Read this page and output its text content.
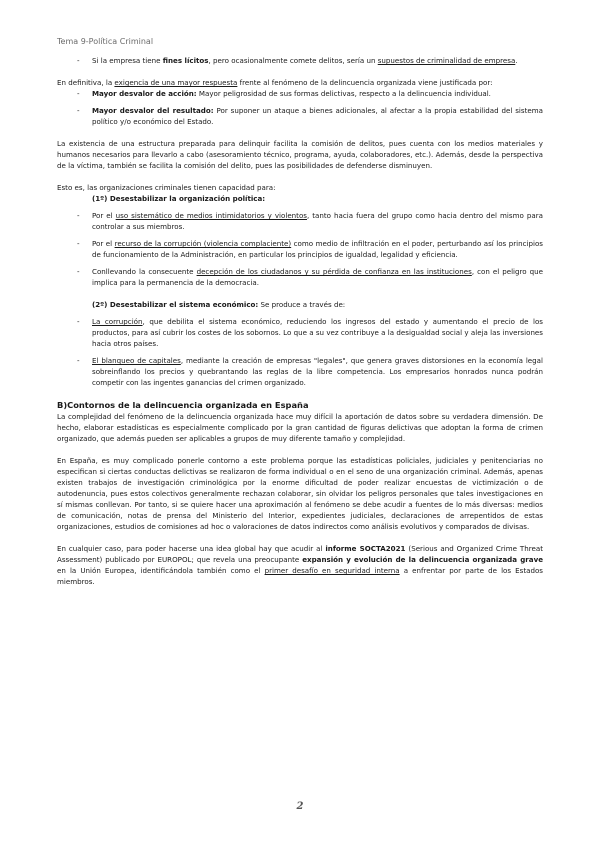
Tema 9-Política Criminal
-	Si la empresa tiene fines lícitos, pero ocasionalmente comete delitos, sería un supuestos de criminalidad de empresa.

En definitiva, la exigencia de una mayor respuesta frente al fenómeno de la delincuencia organizada viene justificada por:

-	Mayor desvalor de acción: Mayor peligrosidad de sus formas delictivas, respecto a la delincuencia individual.
-	Mayor desvalor del resultado: Por suponer un ataque a bienes adicionales, al afectar a la propia estabilidad del sistema político y/o económico del Estado.

La existencia de una estructura preparada para delinquir facilita la comisión de delitos, pues cuenta con los medios materiales y humanos necesarios para llevarlo a cabo (asesoramiento técnico, programa, ayuda, colaboradores, etc.). Además, desde la perspectiva de la víctima, también se facilita la comisión del delito, pues las posibilidades de defenderse disminuyen.

Esto es, las organizaciones criminales tienen capacidad para:

(1º) Desestabilizar la organización política:

-	Por el uso sistemático de medios intimidatorios y violentos, tanto hacia fuera del grupo como hacia dentro del mismo para controlar a sus miembros.
-	Por el recurso de la corrupción (violencia complaciente) como medio de infiltración en el poder, perturbando así los principios de funcionamiento de la Administración, en particular los principios de igualdad, legalidad y eficiencia.
-	Conllevando la consecuente decepción de los ciudadanos y su pérdida de confianza en las instituciones, con el peligro que implica para la permanencia de la democracia.

(2º) Desestabilizar el sistema económico: Se produce a través de:

-	La corrupción, que debilita el sistema económico, reduciendo los ingresos del estado y aumentando el precio de los productos, para así cubrir los costes de los sobornos. Lo que a su vez contribuye a la desigualdad social y aleja las inversiones hacia otros países.
-	El blanqueo de capitales, mediante la creación de empresas "legales", que genera graves distorsiones en la economía legal sobreinflando los precios y quebrantando las reglas de la libre competencia. Los empresarios honrados nunca podrán competir con las ingentes ganancias del crimen organizado.

B)Contornos de la delincuencia organizada en España

La complejidad del fenómeno de la delincuencia organizada hace muy difícil la aportación de datos sobre su verdadera dimensión. De hecho, elaborar estadísticas es especialmente complicado por la gran cantidad de figuras delictivas que adoptan la forma de crimen organizado, que además pueden ser aplicables a grupos de muy diferente tamaño y complejidad.

En España, es muy complicado ponerle contorno a este problema porque las estadísticas policiales, judiciales y penitenciarias no especifican si ciertas conductas delictivas se realizaron de forma individual o en el seno de una organización criminal. Además, apenas existen trabajos de investigación criminológica por la enorme dificultad de poder realizar encuestas de victimización o de autodenuncia, pues estos colectivos generalmente rechazan colaborar, sin olvidar los peligros personales que tales investigaciones en sí mismas conllevan. Por tanto, si se quiere hacer una aproximación al fenómeno se debe acudir a fuentes de lo más diversas: medios de comunicación, notas de prensa del Ministerio del Interior, expedientes judiciales, declaraciones de arrepentidos de estas organizaciones, estudios de comisiones ad hoc o valoraciones de datos indirectos como análisis evolutivos y comparados de divisas.

En cualquier caso, para poder hacerse una idea global hay que acudir al informe SOCTA2021 (Serious and Organized Crime Threat Assessment) publicado por EUROPOL; que revela una preocupante expansión y evolución de la delincuencia organizada grave en la Unión Europea, identificándola también como el primer desafío en seguridad interna a enfrentar por parte de los Estados miembros.

2
